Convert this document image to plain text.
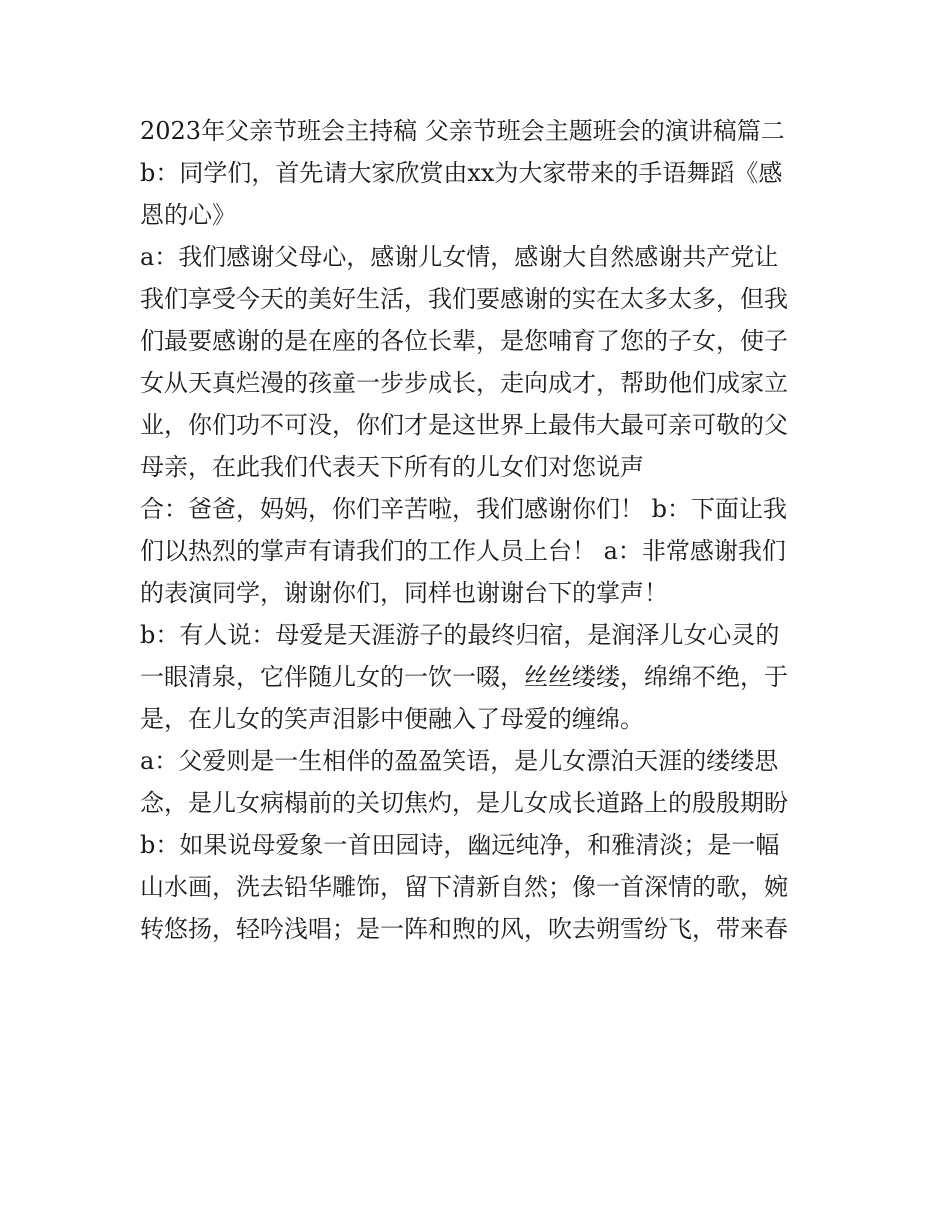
2023年父亲节班会主持稿 父亲节班会主题班会的演讲稿篇二

b：同学们，首先请大家欣赏由xx为大家带来的手语舞蹈《感

恩的心》

a：我们感谢父母心，感谢儿女情，感谢大自然感谢共产党让

我们享受今天的美好生活，我们要感谢的实在太多太多，但我

们最要感谢的是在座的各位长辈，是您哺育了您的子女，使子

女从天真烂漫的孩童一步步成长，走向成才，帮助他们成家立

业，你们功不可没，你们才是这世界上最伟大最可亲可敬的父

母亲，在此我们代表天下所有的儿女们对您说声

合：爸爸，妈妈，你们辛苦啦，我们感谢你们！ b：下面让我

们以热烈的掌声有请我们的工作人员上台！ a：非常感谢我们

的表演同学，谢谢你们，同样也谢谢台下的掌声！

b：有人说：母爱是天涯游子的最终归宿，是润泽儿女心灵的

一眼清泉，它伴随儿女的一饮一啜，丝丝缕缕，绵绵不绝，于

是，在儿女的笑声泪影中便融入了母爱的缠绵。

a：父爱则是一生相伴的盈盈笑语，是儿女漂泊天涯的缕缕思

念，是儿女病榻前的关切焦灼，是儿女成长道路上的殷殷期盼

b：如果说母爱象一首田园诗，幽远纯净，和雅清淡；是一幅

山水画，洗去铅华雕饰，留下清新自然；像一首深情的歌，婉

转悠扬，轻吟浅唱；是一阵和煦的风，吹去朔雪纷飞，带来春
